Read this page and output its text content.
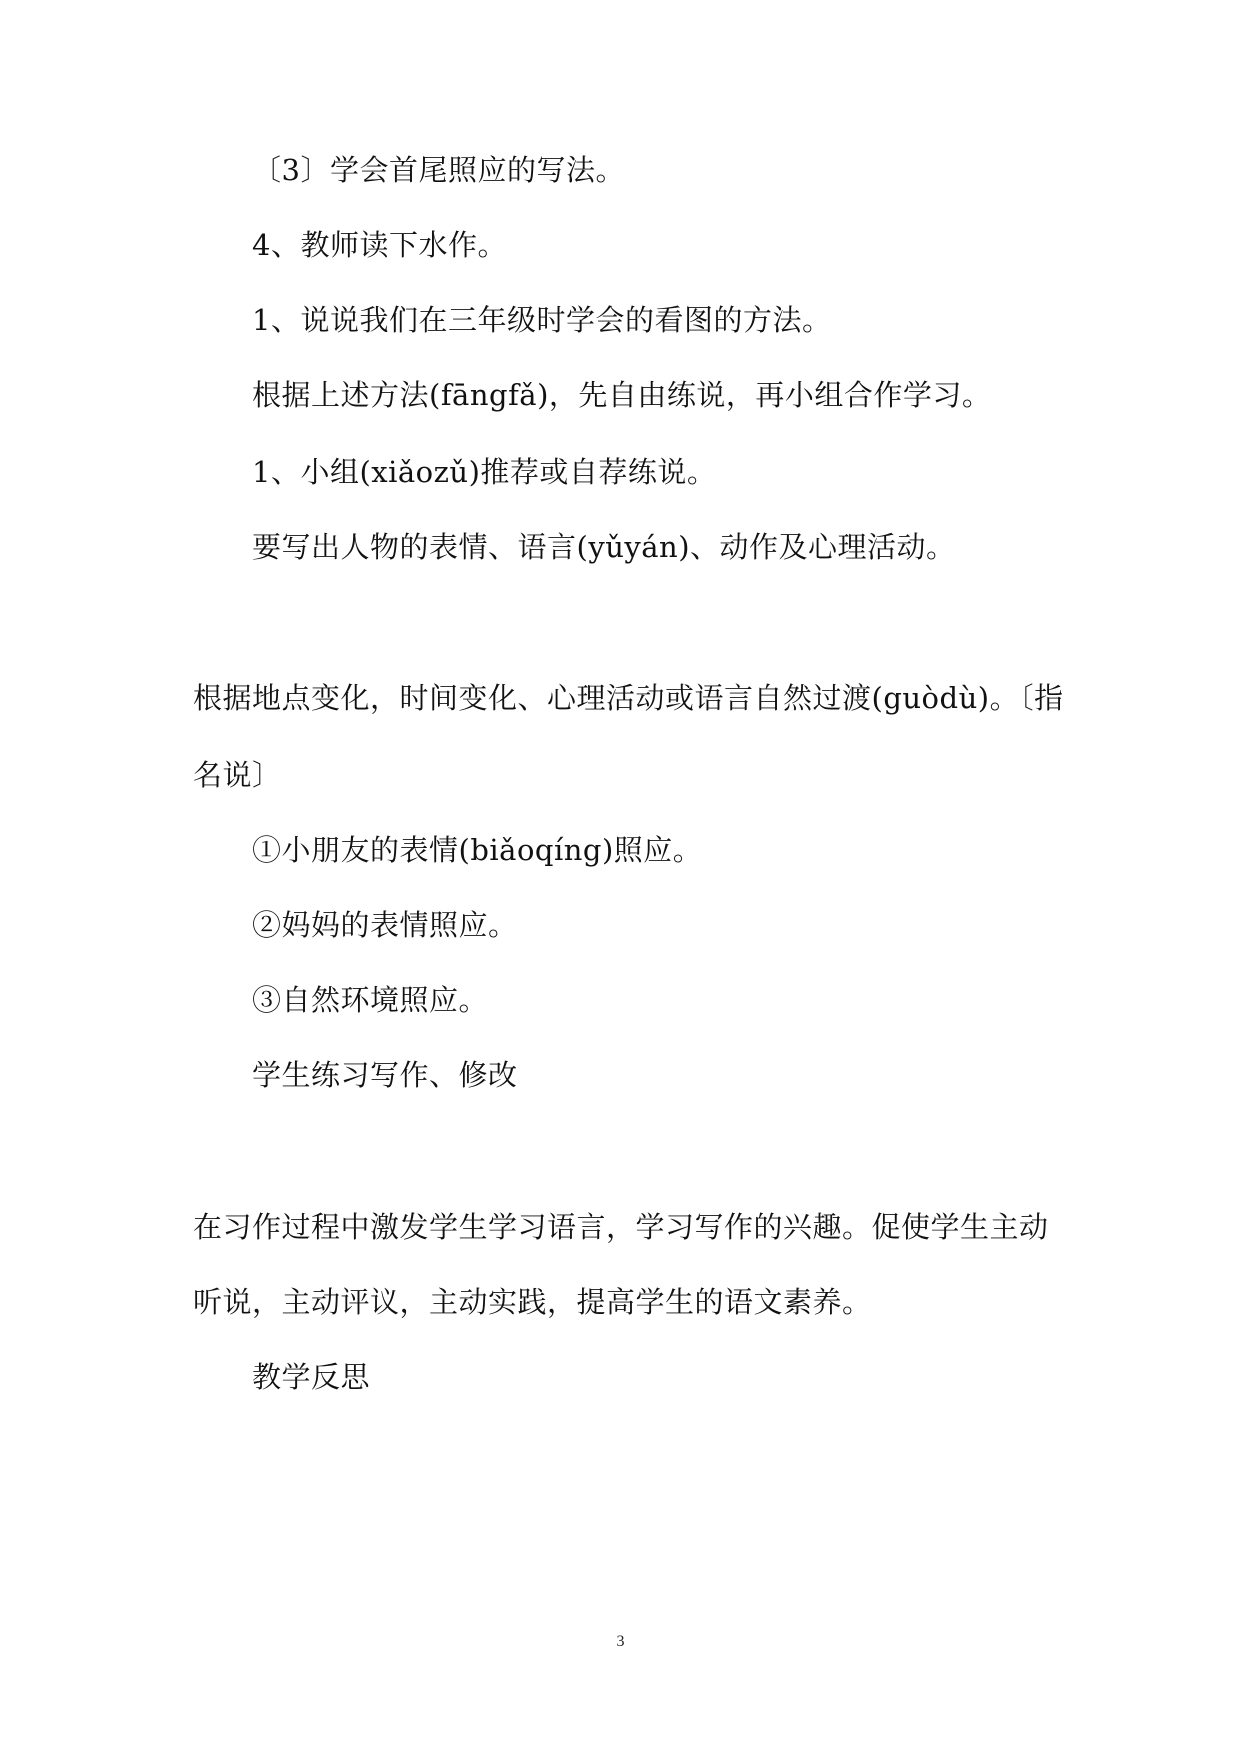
〔3〕学会首尾照应的写法。
4、教师读下水作。
1、说说我们在三年级时学会的看图的方法。
根据上述方法(fāngfǎ)，先自由练说，再小组合作学习。
1、小组(xiǎozǔ)推荐或自荐练说。
要写出人物的表情、语言(yǔyán)、动作及心理活动。
根据地点变化，时间变化、心理活动或语言自然过渡(guòdù)。〔指
名说〕
①小朋友的表情(biǎoqíng)照应。
②妈妈的表情照应。
③自然环境照应。
学生练习写作、修改
在习作过程中激发学生学习语言，学习写作的兴趣。促使学生主动
听说，主动评议，主动实践，提高学生的语文素养。
教学反思
3
